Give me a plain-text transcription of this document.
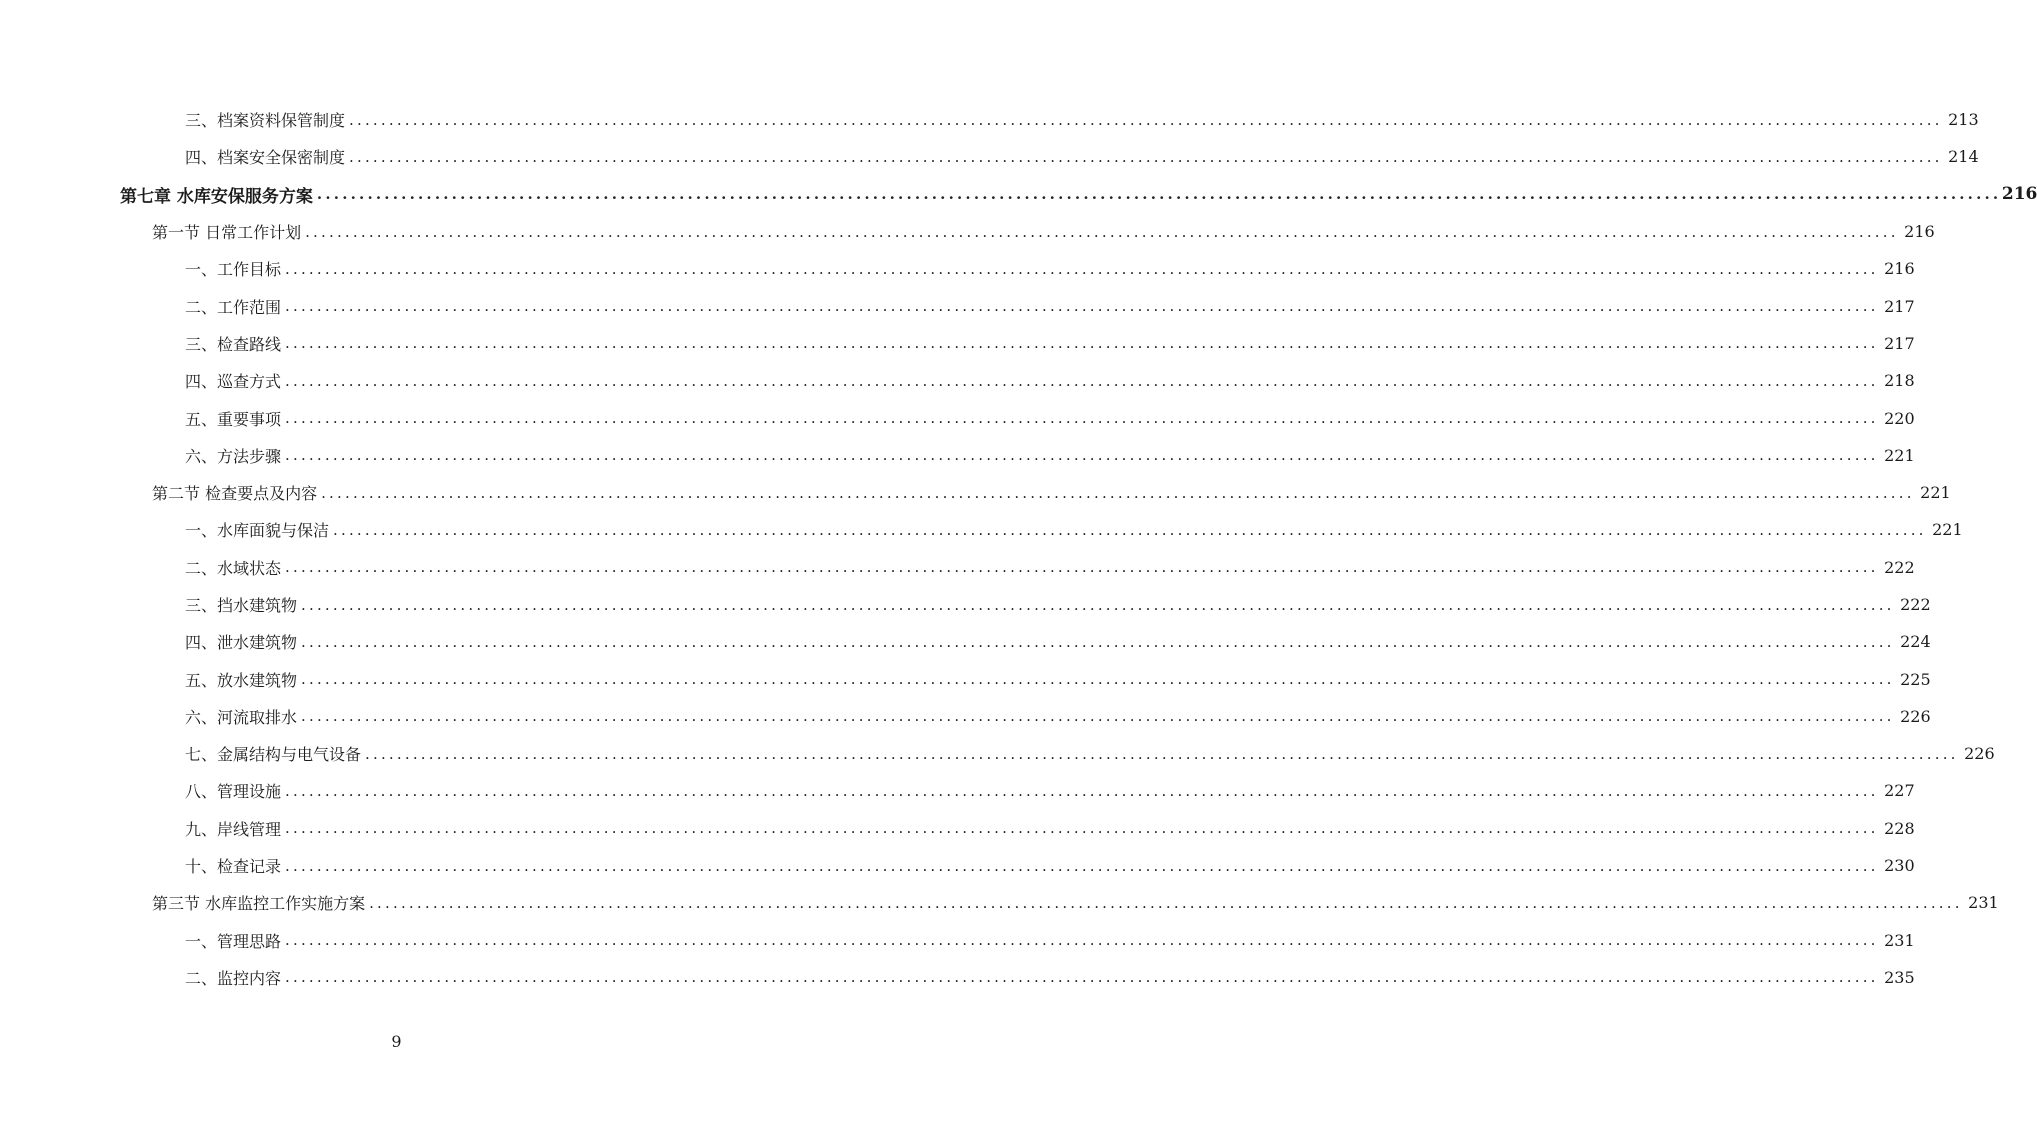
三、档案资料保管制度 ........................................................................................................................................................................................................ 213
四、档案安全保密制度 ........................................................................................................................................................................................................ 214
第七章 水库安保服务方案 ........................................................................................................................................................................................................ 216
第一节 日常工作计划 ........................................................................................................................................................................................................ 216
一、工作目标 ........................................................................................................................................................................................................ 216
二、工作范围 ........................................................................................................................................................................................................ 217
三、检查路线 ........................................................................................................................................................................................................ 217
四、巡查方式 ........................................................................................................................................................................................................ 218
五、重要事项 ........................................................................................................................................................................................................ 220
六、方法步骤 ........................................................................................................................................................................................................ 221
第二节 检查要点及内容 ........................................................................................................................................................................................................ 221
一、水库面貌与保洁 ........................................................................................................................................................................................................ 221
二、水域状态 ........................................................................................................................................................................................................ 222
三、挡水建筑物 ........................................................................................................................................................................................................ 222
四、泄水建筑物 ........................................................................................................................................................................................................ 224
五、放水建筑物 ........................................................................................................................................................................................................ 225
六、河流取排水 ........................................................................................................................................................................................................ 226
七、金属结构与电气设备 ........................................................................................................................................................................................................ 226
八、管理设施 ........................................................................................................................................................................................................ 227
九、岸线管理 ........................................................................................................................................................................................................ 228
十、检查记录 ........................................................................................................................................................................................................ 230
第三节 水库监控工作实施方案 ........................................................................................................................................................................................................ 231
一、管理思路 ........................................................................................................................................................................................................ 231
二、监控内容 ........................................................................................................................................................................................................ 235
9
